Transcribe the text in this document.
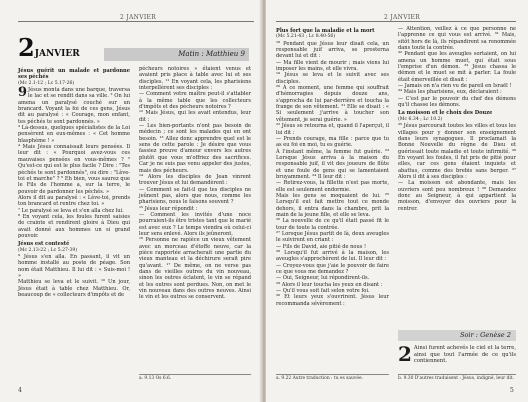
2 JANVIER
2JANVIER	Matin : Matthieu 9

Jésus guérit un malade et pardonne ses péchés

(Mc 2.1-12 ; Lc 5.17-26)

9 Jésus monta dans une barque, traversa le lac et se rendit dans sa ville. ² On lui amena un paralysé couché sur un brancard. Voyant la foi de ces gens, Jésus dit au paralysé : « Courage, mon enfant, tes péchés te sont pardonnés. »

³ Là-dessus, quelques spécialistes de la Loi pensèrent en eux-mêmes : « Cet homme blasphème ! »

⁴ Mais Jésus connaissait leurs pensées. Il leur dit : « Pourquoi avez-vous ces mauvaises pensées en vous-mêmes ? ⁵ Qu'est-ce qui est le plus facile ? Dire : "Tes péchés te sont pardonnés", ou dire : "Lève-toi et marche" ? ⁶ Eh bien, vous saurez que le Fils de l'homme a, sur la terre, le pouvoir de pardonner les péchés. »

Alors il dit au paralysé : « Lève-toi, prends ton brancard et rentre chez toi. »

⁷ Le paralysé se leva et s'en alla chez lui.

⁸ En voyant cela, les foules furent saisies de crainte et rendirent gloire à Dieu qui avait donné aux hommes un si grand pouvoir.

Jésus est contesté

(Mc 2.13-22 ; Lc 5.27-39)

⁹ Jésus s'en alla. En passant, il vit un homme installé au poste de péage. Son nom était Matthieu. Il lui dit : « Suis-moi ! »

Matthieu se leva et le suivit. ¹⁰ Un jour, Jésus était à table chez Matthieu. Or, beaucoup de « collecteurs d'impôts et de

pécheurs notoires » étaient venus et avaient pris place à table avec lui et ses disciples. ¹¹ En voyant cela, les pharisiens interpellèrent ses disciples :

— Comment votre maître peut-il s'attabler à la même table que les collecteurs d'impôts et des pécheurs notoires ?

¹² Mais Jésus, qui les avait entendus, leur dit :

— Les bien-portants n'ont pas besoin de médecin ; ce sont les malades qui en ont besoin. ¹³ Allez donc apprendre quel est le sens de cette parole : Je désire que vous fassiez preuve d'amour envers les autres plutôt que vous m'offriez des sacrifices. Car je ne suis pas venu appeler des justes, mais des pécheurs.

¹⁴ Alors les disciples de Jean vinrent trouver Jésus et lui demandèrent :

— Comment se fait-il que tes disciples ne jeûnent pas, alors que nous, comme les pharisiens, nous le faisons souvent ?

¹⁵ Jésus leur répondit :

— Comment les invités d'une noce pourraient-ils être tristes tant que le marié est avec eux ? Le temps viendra où celui-ci leur sera enlevé. Alors ils jeûneront.

¹⁶ Personne ne rapièce un vieux vêtement avec un morceau d'étoffe neuve, car la pièce rapportée arracherait une partie du vieux manteau et la déchirure serait pire qu'avant. ¹⁷ De même, on ne verse pas dans de vieilles outres du vin nouveau, sinon les outres éclatent, le vin se répand et les outres sont perdues. Non, on met le vin nouveau dans des outres neuves. Ainsi le vin et les outres se conservent.

a. 9.13 Os 6.6.
4
2 JANVIER

Plus fort que la maladie et la mort

(Mc 5.21-43 ; Lc 8.40-56)

¹⁸ Pendant que Jésus leur disait cela, un responsable juif arriva, se prosterna devant lui et dit :

— Ma fille vient de mourir ; mais viens lui imposer les mains, et elle vivra.

¹⁹ Jésus se leva et le suivit avec ses disciples.

²⁰ À ce moment, une femme qui souffrait d'hémorragies depuis douze ans, s'approcha de lui par-derrière et toucha la frange de son vêtement. ²¹ Elle se disait : « Si seulement j'arrive à toucher son vêtement, je serai guérie. »

²² Jésus se retourna et, quand il l'aperçut, il lui dit :

— Prends courage, ma fille : parce que tu as eu foi en moi, tu es guérie.

À l'instant même, la femme fut guérie. ²³ Lorsque Jésus arriva à la maison du responsable juif, il vit des joueurs de flûte et une foule de gens qui se lamentaient bruyamment. ²⁴ Il leur dit :

— Retirez-vous, la fillette n'est pas morte, elle est seulement endormie.

Mais les gens se moquaient de lui. ²⁵ Lorsqu'il eut fait mettre tout ce monde dehors, il entra dans la chambre, prit la main de la jeune fille, et elle se leva.

²⁶ La nouvelle de ce qu'il était passé fit le tour de toute la contrée.

²⁷ Lorsque Jésus partit de là, deux aveugles le suivirent en criant :

— Fils de David, aie pitié de nous !

²⁸ Lorsqu'il fut arrivé à la maison, les aveugles s'approchèrent de lui. Il leur dit :

— Croyez-vous que j'aie le pouvoir de faire ce que vous me demandez ?

— Oui, Seigneur, lui répondirent-ils.

²⁹ Alors il leur toucha les yeux en disant :

— Qu'il vous soit fait selon votre foi.

³⁰ Et leurs yeux s'ouvrirent. Jésus leur recommanda sévèrement :

— Attention, veillez à ce que personne ne l'apprenne ce qui vous est arrivé. ³¹ Mais, sitôt hors de là, ils répandirent sa renommée dans toute la contrée.

³² Pendant que les aveugles sortaient, on lui amena un homme muet, qui était sous l'emprise d'un démon. ³³ Jésus chassa le démon et le muet se mit à parler. La foule était émerveillée et disait :

— Jamais on n'a rien vu de pareil en Israël !

³⁴ Mais les pharisiens, eux, déclaraient :

— C'est par le pouvoir du chef des démons qu'il chasse les démons.

La moisson et le choix des Douze

(Mc 6.34 ; Lc 10.2)

³⁵ Jésus parcourait toutes les villes et tous les villages pour y donner son enseignement dans leurs synagogues. Il proclamait la Bonne Nouvelle du règne de Dieu et guérissait toute maladie et toute infirmité. ³⁶ En voyant les foules, il fut pris de pitié pour elles, car ces gens étaient inquiets et abattus, comme des brebis sans berger. ³⁷ Alors il dit à ses disciples :

— La moisson est abondante, mais les ouvriers sont peu nombreux ! ³⁸ Demandez donc au Seigneur, à qui appartient la moisson, d'envoyer des ouvriers pour la rentrer.

Soir : Genèse 2
2 Ainsi furent achevés le ciel et la terre, ainsi que tout l'armée de ce qu'ils contiennent.
a. 9.22 Autre traduction : tu es sauvée.	b. 9.30 D'autres traduisent : Jésus, indigné, leur dit.
5
